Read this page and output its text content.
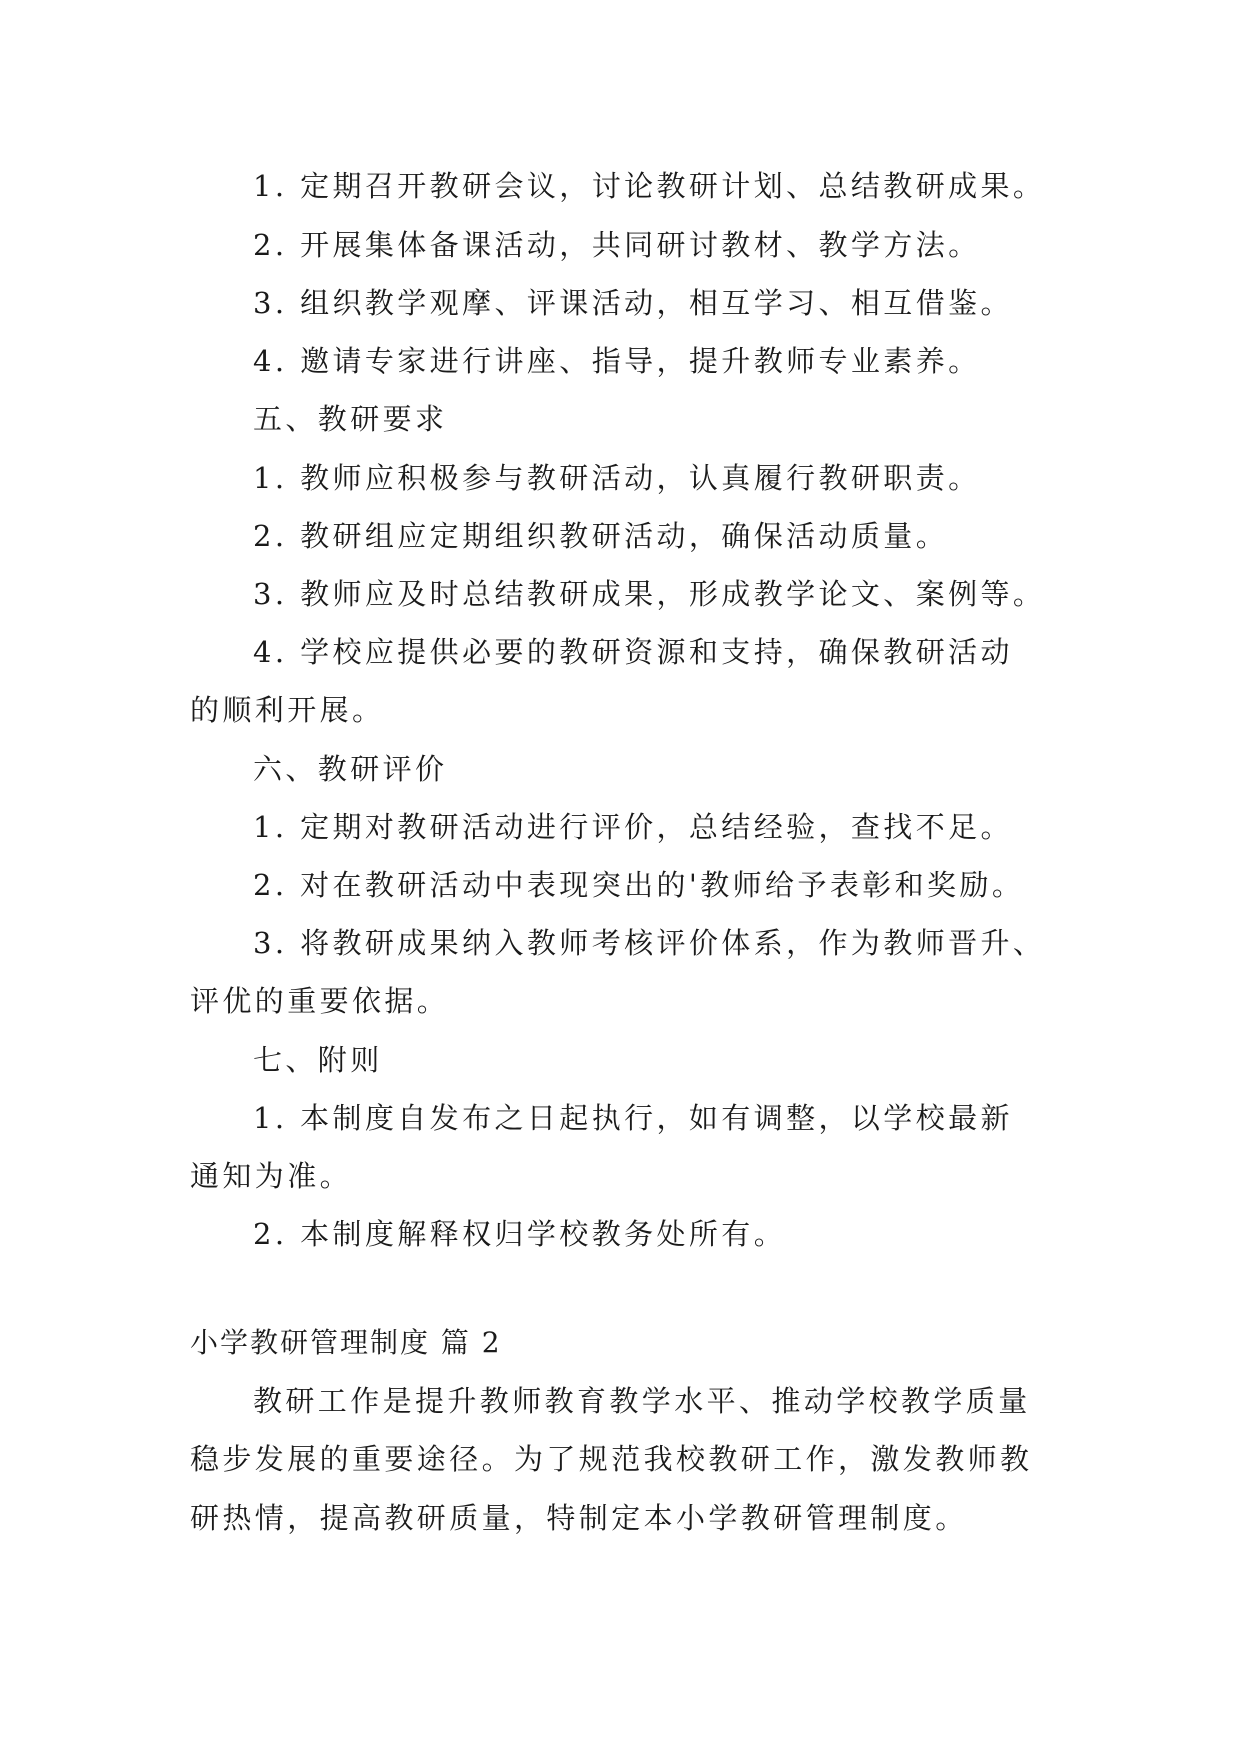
1. 定期召开教研会议，讨论教研计划、总结教研成果。
2. 开展集体备课活动，共同研讨教材、教学方法。
3. 组织教学观摩、评课活动，相互学习、相互借鉴。
4. 邀请专家进行讲座、指导，提升教师专业素养。
五、教研要求
1. 教师应积极参与教研活动，认真履行教研职责。
2. 教研组应定期组织教研活动，确保活动质量。
3. 教师应及时总结教研成果，形成教学论文、案例等。
4. 学校应提供必要的教研资源和支持，确保教研活动
的顺利开展。
六、教研评价
1. 定期对教研活动进行评价，总结经验，查找不足。
2. 对在教研活动中表现突出的'教师给予表彰和奖励。
3. 将教研成果纳入教师考核评价体系，作为教师晋升、
评优的重要依据。
七、附则
1. 本制度自发布之日起执行，如有调整，以学校最新
通知为准。
2. 本制度解释权归学校教务处所有。
小学教研管理制度 篇 2
教研工作是提升教师教育教学水平、推动学校教学质量
稳步发展的重要途径。为了规范我校教研工作，激发教师教
研热情，提高教研质量，特制定本小学教研管理制度。
